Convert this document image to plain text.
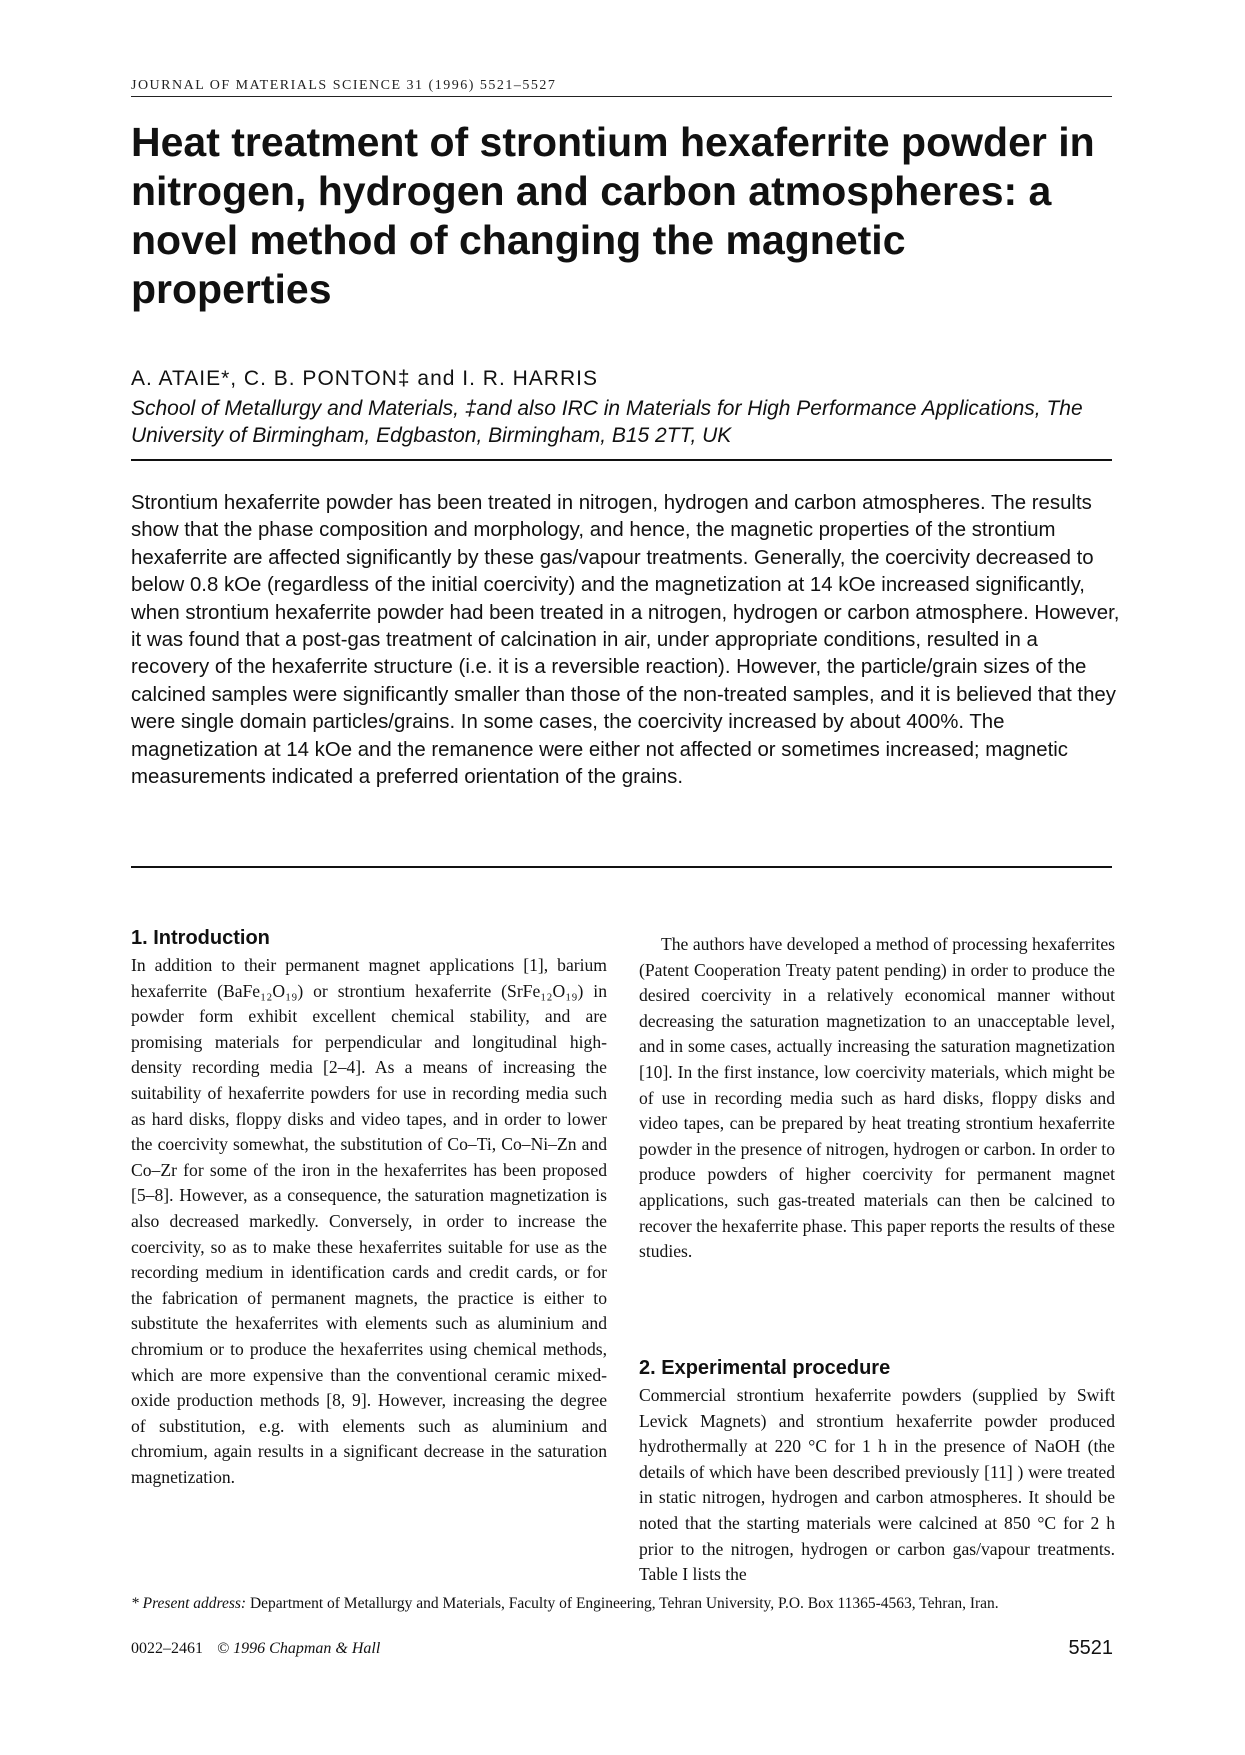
JOURNAL OF MATERIALS SCIENCE 31 (1996) 5521–5527
Heat treatment of strontium hexaferrite powder in nitrogen, hydrogen and carbon atmospheres: a novel method of changing the magnetic properties
A. ATAIE*, C. B. PONTON‡ and I. R. HARRIS
School of Metallurgy and Materials, ‡and also IRC in Materials for High Performance Applications, The University of Birmingham, Edgbaston, Birmingham, B15 2TT, UK

Strontium hexaferrite powder has been treated in nitrogen, hydrogen and carbon atmospheres. The results show that the phase composition and morphology, and hence, the magnetic properties of the strontium hexaferrite are affected significantly by these gas/vapour treatments. Generally, the coercivity decreased to below 0.8 kOe (regardless of the initial coercivity) and the magnetization at 14 kOe increased significantly, when strontium hexaferrite powder had been treated in a nitrogen, hydrogen or carbon atmosphere. However, it was found that a post-gas treatment of calcination in air, under appropriate conditions, resulted in a recovery of the hexaferrite structure (i.e. it is a reversible reaction). However, the particle/grain sizes of the calcined samples were significantly smaller than those of the non-treated samples, and it is believed that they were single domain particles/grains. In some cases, the coercivity increased by about 400%. The magnetization at 14 kOe and the remanence were either not affected or sometimes increased; magnetic measurements indicated a preferred orientation of the grains.

1. Introduction

In addition to their permanent magnet applications [1], barium hexaferrite (BaFe₁₂O₁₉) or strontium hexaferrite (SrFe₁₂O₁₉) in powder form exhibit excellent chemical stability, and are promising materials for perpendicular and longitudinal high-density recording media [2–4]. As a means of increasing the suitability of hexaferrite powders for use in recording media such as hard disks, floppy disks and video tapes, and in order to lower the coercivity somewhat, the substitution of Co–Ti, Co–Ni–Zn and Co–Zr for some of the iron in the hexaferrites has been proposed [5–8]. However, as a consequence, the saturation magnetization is also decreased markedly. Conversely, in order to increase the coercivity, so as to make these hexaferrites suitable for use as the recording medium in identification cards and credit cards, or for the fabrication of permanent magnets, the practice is either to substitute the hexaferrites with elements such as aluminium and chromium or to produce the hexaferrites using chemical methods, which are more expensive than the conventional ceramic mixed-oxide production methods [8, 9]. However, increasing the degree of substitution, e.g. with elements such as aluminium and chromium, again results in a significant decrease in the saturation magnetization.

The authors have developed a method of processing hexaferrites (Patent Cooperation Treaty patent pending) in order to produce the desired coercivity in a relatively economical manner without decreasing the saturation magnetization to an unacceptable level, and in some cases, actually increasing the saturation magnetization [10]. In the first instance, low coercivity materials, which might be of use in recording media such as hard disks, floppy disks and video tapes, can be prepared by heat treating strontium hexaferrite powder in the presence of nitrogen, hydrogen or carbon. In order to produce powders of higher coercivity for permanent magnet applications, such gas-treated materials can then be calcined to recover the hexaferrite phase. This paper reports the results of these studies.

2. Experimental procedure

Commercial strontium hexaferrite powders (supplied by Swift Levick Magnets) and strontium hexaferrite powder produced hydrothermally at 220 °C for 1 h in the presence of NaOH (the details of which have been described previously [11] ) were treated in static nitrogen, hydrogen and carbon atmospheres. It should be noted that the starting materials were calcined at 850 °C for 2 h prior to the nitrogen, hydrogen or carbon gas/vapour treatments. Table I lists the

* Present address: Department of Metallurgy and Materials, Faculty of Engineering, Tehran University, P.O. Box 11365-4563, Tehran, Iran.
0022–2461 © 1996 Chapman & Hall	5521
